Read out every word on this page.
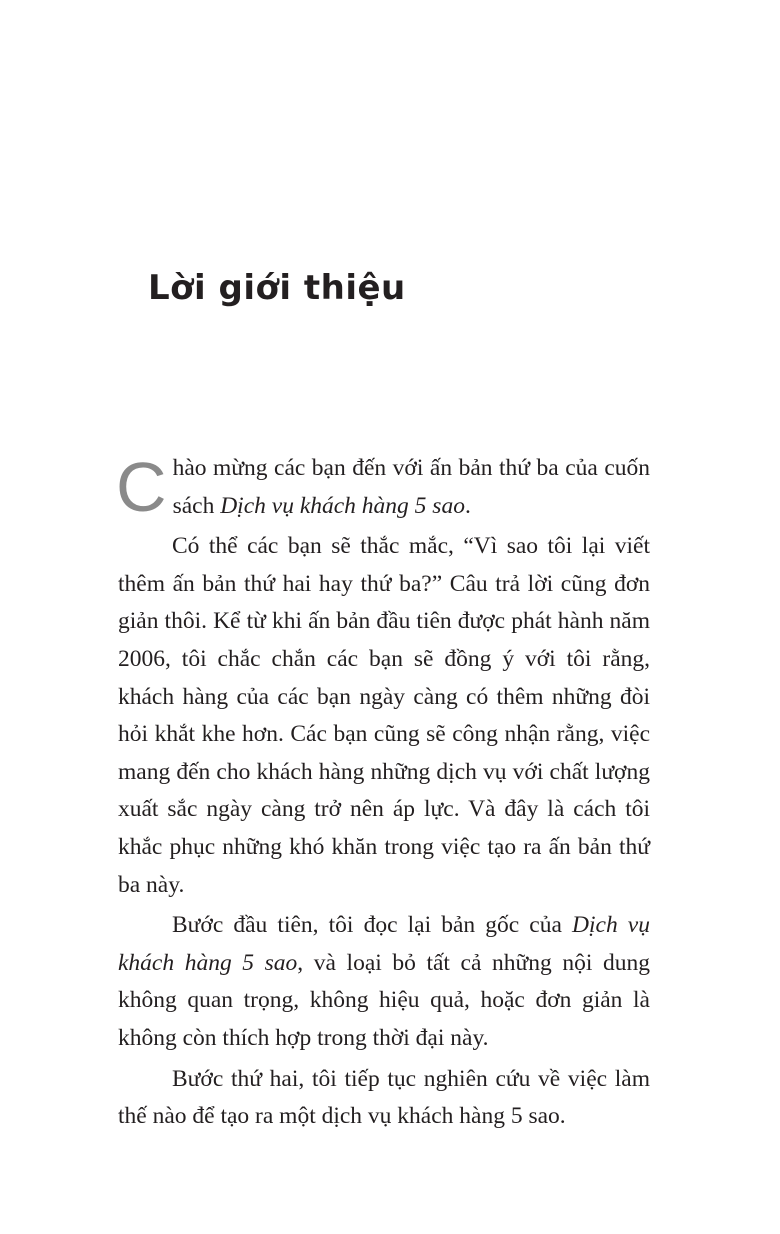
Lời giới thiệu

Chào mừng các bạn đến với ấn bản thứ ba của cuốn sách Dịch vụ khách hàng 5 sao.

Có thể các bạn sẽ thắc mắc, “Vì sao tôi lại viết thêm ấn bản thứ hai hay thứ ba?” Câu trả lời cũng đơn giản thôi. Kể từ khi ấn bản đầu tiên được phát hành năm 2006, tôi chắc chắn các bạn sẽ đồng ý với tôi rằng, khách hàng của các bạn ngày càng có thêm những đòi hỏi khắt khe hơn. Các bạn cũng sẽ công nhận rằng, việc mang đến cho khách hàng những dịch vụ với chất lượng xuất sắc ngày càng trở nên áp lực. Và đây là cách tôi khắc phục những khó khăn trong việc tạo ra ấn bản thứ ba này.

Bước đầu tiên, tôi đọc lại bản gốc của Dịch vụ khách hàng 5 sao, và loại bỏ tất cả những nội dung không quan trọng, không hiệu quả, hoặc đơn giản là không còn thích hợp trong thời đại này.

Bước thứ hai, tôi tiếp tục nghiên cứu về việc làm thế nào để tạo ra một dịch vụ khách hàng 5 sao.
